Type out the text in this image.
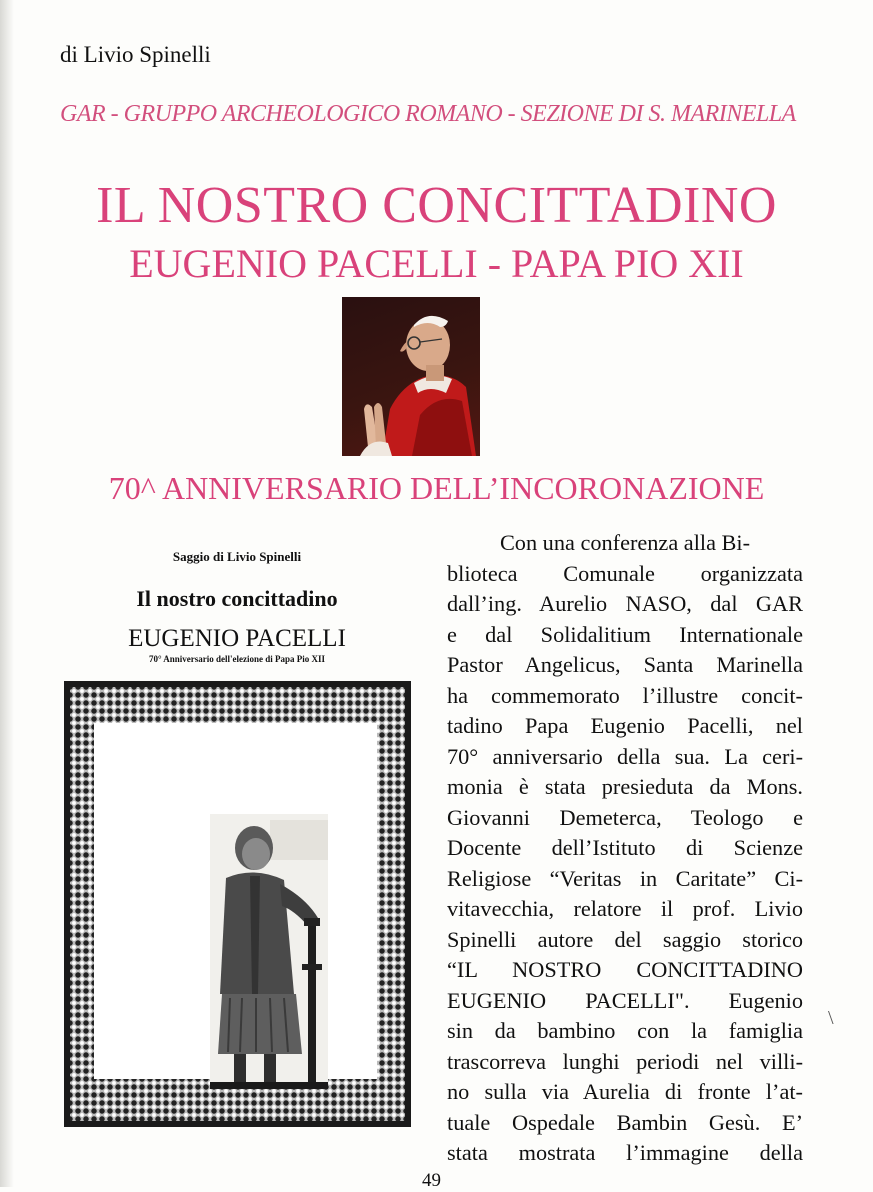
di Livio Spinelli
GAR - GRUPPO ARCHEOLOGICO ROMANO - SEZIONE DI S. MARINELLA
IL NOSTRO CONCITTADINO
EUGENIO PACELLI - PAPA PIO XII
70^ ANNIVERSARIO DELL’INCORONAZIONE
Saggio di Livio Spinelli
Il nostro concittadino
EUGENIO PACELLI
70° Anniversario dell'elezione di Papa Pio XII
Con una conferenza alla Bi-
blioteca Comunale organizzata
dall’ing. Aurelio NASO, dal GAR
e dal Solidalitium Internationale
Pastor Angelicus, Santa Marinella
ha commemorato l’illustre concit-
tadino Papa Eugenio Pacelli, nel
70° anniversario della sua. La ceri-
monia è stata presieduta da Mons.
Giovanni Demeterca, Teologo e
Docente dell’Istituto di Scienze
Religiose “Veritas in Caritate” Ci-
vitavecchia, relatore il prof. Livio
Spinelli autore del saggio storico
“IL NOSTRO CONCITTADINO
EUGENIO PACELLI". Eugenio
sin da bambino con la famiglia
trascorreva lunghi periodi nel villi-
no sulla via Aurelia di fronte l’at-
tuale Ospedale Bambin Gesù. E’
stata mostrata l’immagine della
\
49
